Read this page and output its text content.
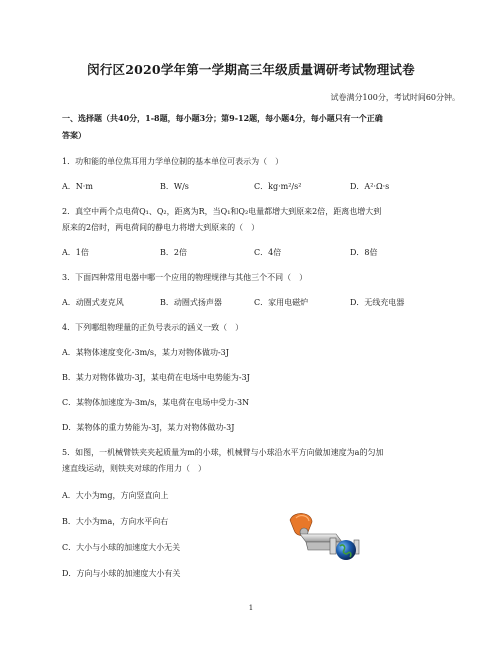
闵行区2020学年第一学期高三年级质量调研考试物理试卷
试卷满分100分，考试时间60分钟。
一、选择题（共40分，1-8题，每小题3分；第9-12题，每小题4分，每小题只有一个正确
答案）
1．功和能的单位焦耳用力学单位制的基本单位可表示为（　）
A．N·m	B．W/s	C．kg·m²/s²	D．A²·Ω·s
2．真空中两个点电荷Q₁、Q₂，距离为R，当Q₁和Q₂电量都增大到原来2倍，距离也增大到
原来的2倍时，两电荷间的静电力将增大到原来的（　）
A．1倍	B．2倍	C．4倍	D．8倍
3．下面四种常用电器中哪一个应用的物理规律与其他三个不同（　）
A．动圈式麦克风	B．动圈式扬声器	C．家用电磁炉	D．无线充电器
4．下列哪组物理量的正负号表示的涵义一致（　）
A．某物体速度变化-3m/s，某力对物体做功-3J
B．某力对物体做功-3J，某电荷在电场中电势能为-3J
C．某物体加速度为-3m/s，某电荷在电场中受力-3N
D．某物体的重力势能为-3J，某力对物体做功-3J
5．如图，一机械臂铁夹夹起质量为m的小球，机械臂与小球沿水平方向做加速度为a的匀加
速直线运动，则铁夹对球的作用力（　）
A．大小为mg，方向竖直向上
B．大小为ma，方向水平向右
C．大小与小球的加速度大小无关
D．方向与小球的加速度大小有关
1
